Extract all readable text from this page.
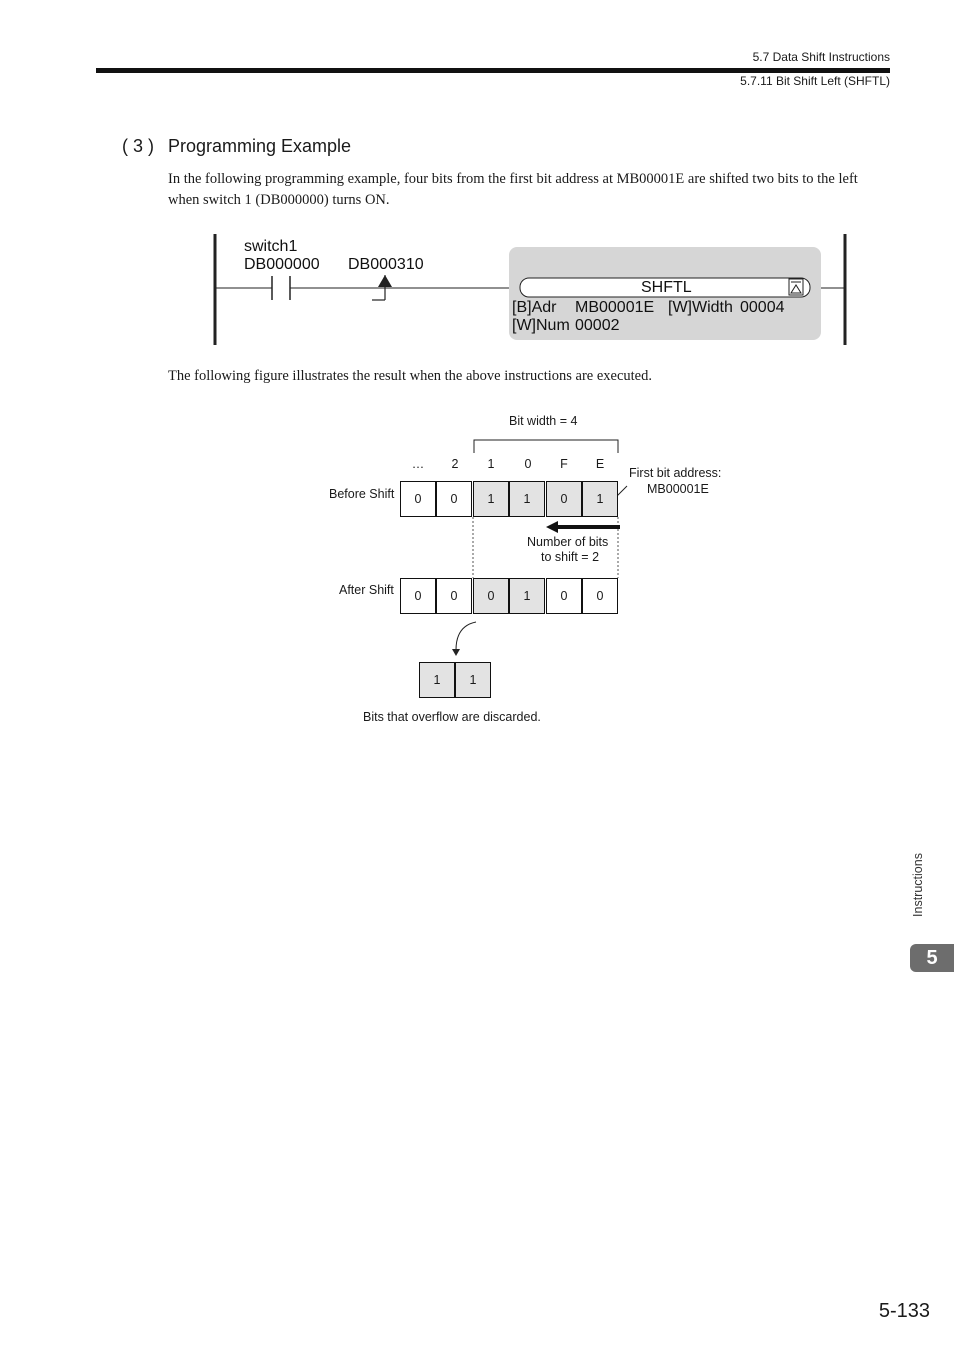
5.7 Data Shift Instructions
5.7.11 Bit Shift Left (SHFTL)
( 3 ) Programming Example
In the following programming example, four bits from the first bit address at MB00001E are shifted two bits to the left
when switch 1 (DB000000) turns ON.
switch1
DB000000 DB000310
SHFTL
[B]Adr MB00001E [W]Width 00004
[W]Num 00002
The following figure illustrates the result when the above instructions are executed.
Bit width = 4
…	2	1	0	F	E
First bit address:
MB00001E
Before Shift	0	0	1	1	0	1
Number of bits
to shift = 2
After Shift	0	0	0	1	0	0
1	1
Bits that overflow are discarded.
Instructions
5
5-133
